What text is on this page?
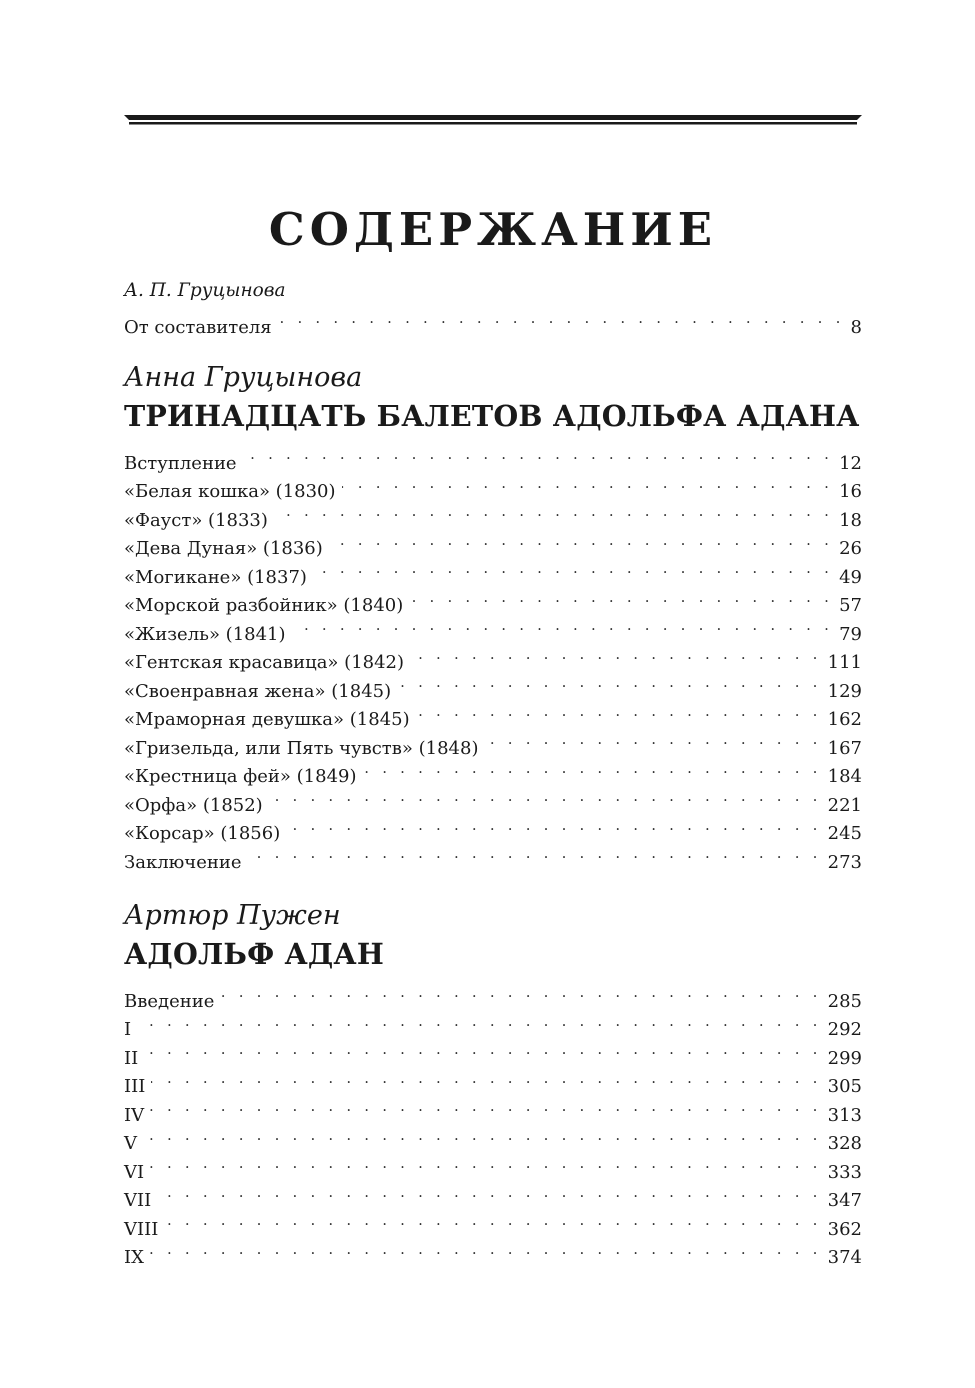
СОДЕРЖАНИЕ
А. П. Груцынова
От составителя . . .	8
Анна Груцынова
ТРИНАДЦАТЬ БАЛЕТОВ АДОЛЬФА АДАНА
Вступление . . .	12
«Белая кошка» (1830) . . .	16
«Фауст» (1833) . . .	18
«Дева Дуная» (1836) . . .	26
«Могикане» (1837) . . .	49
«Морской разбойник» (1840) . . .	57
«Жизель» (1841) . . .	79
«Гентская красавица» (1842) . . .	111
«Своенравная жена» (1845) . . .	129
«Мраморная девушка» (1845) . . .	162
«Гризельда, или Пять чувств» (1848) . . .	167
«Крестница фей» (1849) . . .	184
«Орфа» (1852) . . .	221
«Корсар» (1856) . . .	245
Заключение . . .	273
Артюр Пужен
АДОЛЬФ АДАН
Введение . . .	285
I . . .	292
II . . .	299
III . . .	305
IV . . .	313
V . . .	328
VI . . .	333
VII . . .	347
VIII . . .	362
IX . . .	374
